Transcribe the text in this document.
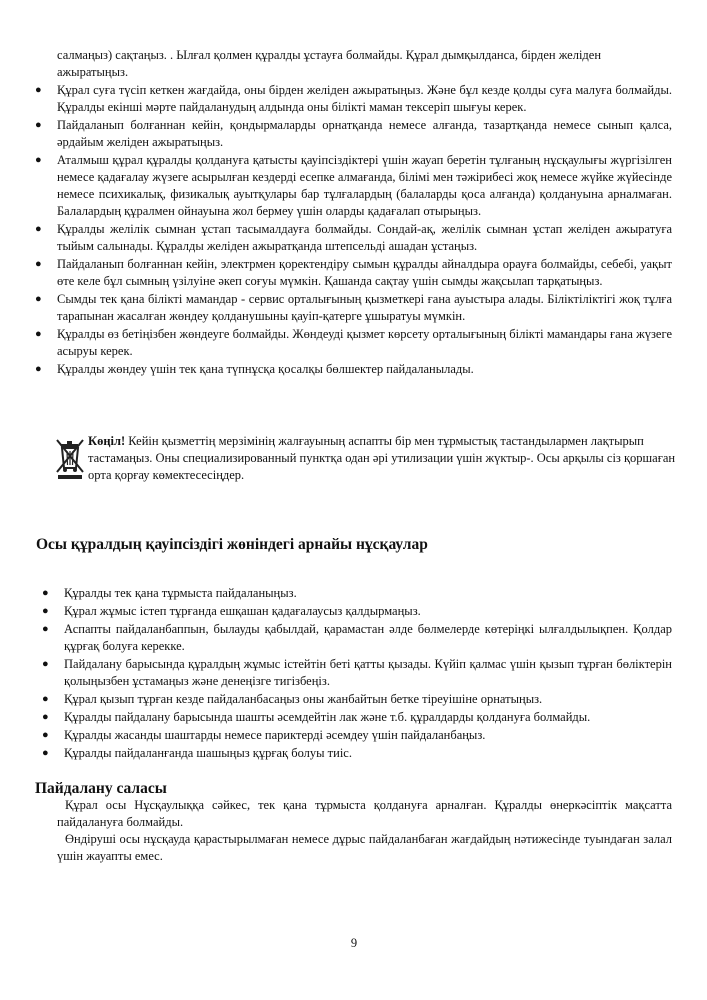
салмаңыз) сақтаңыз. . Ылғал қолмен құралды ұстауға болмайды. Құрал дымқылданса, бірден желіден
ажыратыңыз.

● Құрал суға түсіп кеткен жағдайда, оны бірден желіден ажыратыңыз. Және бұл кезде қолды суға малуға болмайды. Құралды екінші мәрте пайдаланудың алдында оны білікті маман тексеріп шығуы керек.
● Пайдаланып болғаннан кейін, қондырмаларды орнатқанда немесе алғанда, тазартқанда немесе сынып қалса, әрдайым желіден ажыратыңыз.
● Аталмыш құрал құралды қолдануға қатысты қауіпсіздіктері үшін жауап беретін тұлғаның нұсқаулығы жүргізілген немесе қадағалау жүзеге асырылған кездерді есепке алмағанда, білімі мен тәжірибесі жоқ немесе жүйке жүйесінде немесе психикалық, физикалық ауытқулары бар тұлғалардың (балаларды қоса алғанда) қолдануына арналмаған. Балалардың құралмен ойнауына жол бермеу үшін оларды қадағалап отырыңыз.
● Құралды желілік сымнан ұстап тасымалдауға болмайды. Сондай-ақ, желілік сымнан ұстап желіден ажыратуға тыйым салынады. Құралды желіден ажыратқанда штепсельді ашадан ұстаңыз.
● Пайдаланып болғаннан кейін, электрмен қоректендіру сымын құралды айналдыра орауға болмайды, себебі, уақыт өте келе бұл сымның үзілуіне әкеп соғуы мүмкін. Қашанда сақтау үшін сымды жақсылап тарқатыңыз.
● Сымды тек қана білікті мамандар - сервис орталығының қызметкері ғана ауыстыра алады. Біліктіліктігі жоқ тұлға тарапынан жасалған жөндеу қолданушыны қауіп-қатерге ұшыратуы мүмкін.
● Құралды өз бетіңізбен жөндеуге болмайды. Жөндеуді қызмет көрсету орталығының білікті мамандары ғана жүзеге асыруы керек.
● Құралды жөндеу үшін тек қана түпнұсқа қосалқы бөлшектер пайдаланылады.
Көңіл! Кейін қызметтің мерзімінің жалғауының аспапты бір мен тұрмыстық тастандылармен лақтырып тастамаңыз. Оны специализированный пунктқа одан әрі утилизации үшін жүктыр-. Осы арқылы сіз қоршаған орта қорғау көмектесесіңдер.
Осы құралдың қауіпсіздігі жөніндегі арнайы нұсқаулар
● Құралды тек қана тұрмыста пайдаланыңыз.
● Құрал жұмыс істеп тұрғанда ешқашан қадағалаусыз қалдырмаңыз.
● Аспапты пайдаланбаппын, былауды қабылдай, қарамастан әлде бөлмелерде көтеріңкі ылғалдылықпен. Қолдар құрғақ болуға керекке.
● Пайдалану барысында құралдың жұмыс істейтін беті қатты қызады. Күйіп қалмас үшін қызып тұрған бөліктерін қолыңызбен ұстамаңыз және денеңізге тигізбеңіз.
● Құрал қызып тұрған кезде пайдаланбасаңыз оны жанбайтын бетке тіреуішіне орнатыңыз.
● Құралды пайдалану барысында шашты әсемдейтін лак және т.б. құралдарды қолдануға болмайды.
● Құралды жасанды шаштарды немесе париктерді әсемдеу үшін пайдаланбаңыз.
● Құралды пайдаланғанда шашыңыз құрғақ болуы тиіс.
Пайдалану саласы

Құрал осы Нұсқаулыққа сәйкес, тек қана тұрмыста қолдануға арналған. Құралды өнеркәсіптік мақсатта пайдалануға болмайды.

Өндіруші осы нұсқауда қарастырылмаған немесе дұрыс пайдаланбаған жағдайдың нәтижесінде туындаған залал үшін жауапты емес.

9
